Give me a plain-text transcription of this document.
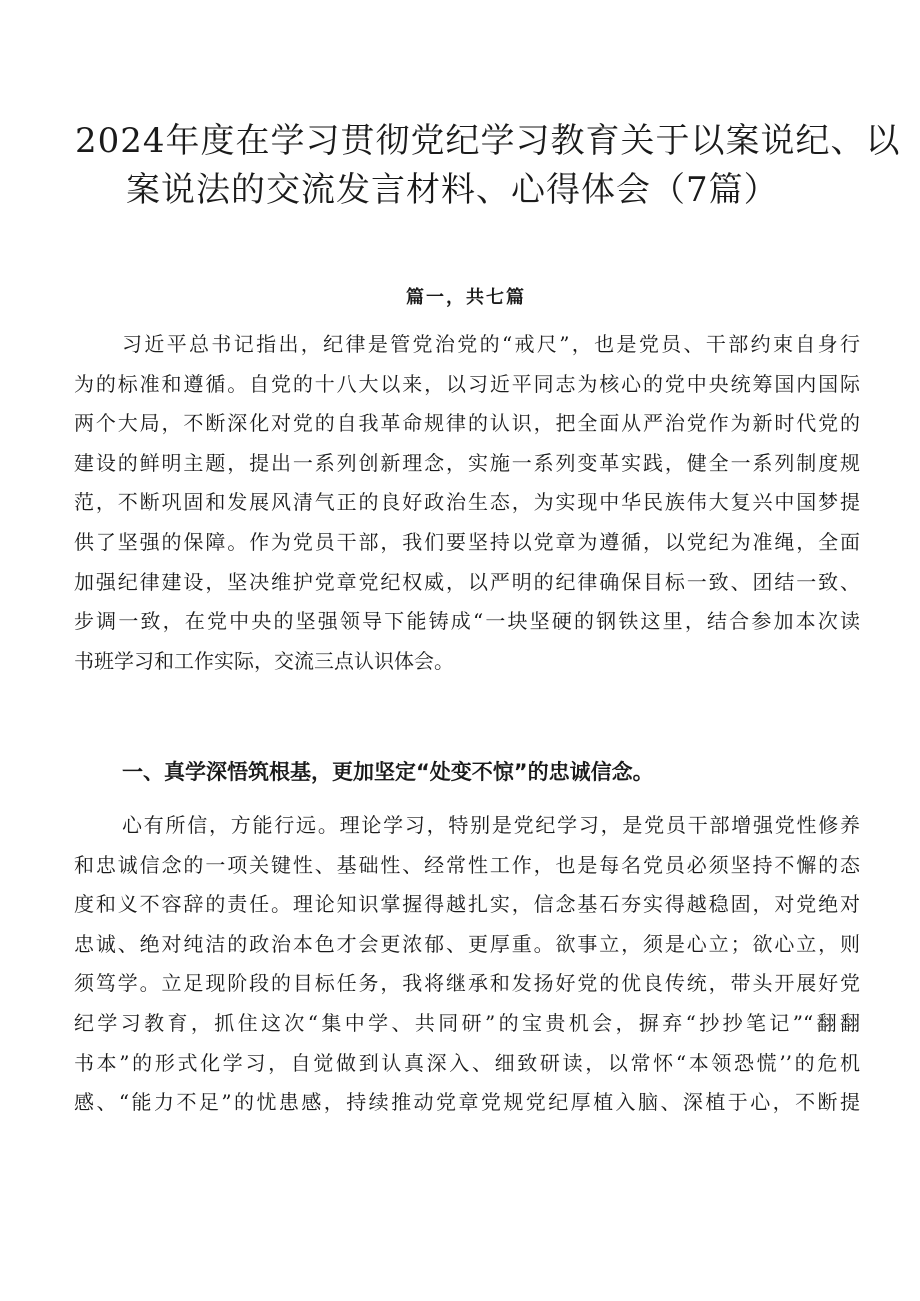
2024年度在学习贯彻党纪学习教育关于以案说纪、以
案说法的交流发言材料、心得体会（7篇）
篇一，共七篇
习近平总书记指出，纪律是管党治党的“戒尺”，也是党员、干部约束自身行
为的标准和遵循。自党的十八大以来，以习近平同志为核心的党中央统筹国内国际
两个大局，不断深化对党的自我革命规律的认识，把全面从严治党作为新时代党的
建设的鲜明主题，提出一系列创新理念，实施一系列变革实践，健全一系列制度规
范，不断巩固和发展风清气正的良好政治生态，为实现中华民族伟大复兴中国梦提
供了坚强的保障。作为党员干部，我们要坚持以党章为遵循，以党纪为准绳，全面
加强纪律建设，坚决维护党章党纪权威，以严明的纪律确保目标一致、团结一致、
步调一致，在党中央的坚强领导下能铸成“一块坚硬的钢铁这里，结合参加本次读
书班学习和工作实际，交流三点认识体会。

一、真学深悟筑根基，更加坚定“处变不惊”的忠诚信念。

心有所信，方能行远。理论学习，特别是党纪学习，是党员干部增强党性修养
和忠诚信念的一项关键性、基础性、经常性工作，也是每名党员必须坚持不懈的态
度和义不容辞的责任。理论知识掌握得越扎实，信念基石夯实得越稳固，对党绝对
忠诚、绝对纯洁的政治本色才会更浓郁、更厚重。欲事立，须是心立；欲心立，则
须笃学。立足现阶段的目标任务，我将继承和发扬好党的优良传统，带头开展好党
纪学习教育，抓住这次“集中学、共同研”的宝贵机会，摒弃“抄抄笔记”“翻翻
书本”的形式化学习，自觉做到认真深入、细致研读，以常怀“本领恐慌’’的危机
感、“能力不足”的忧患感，持续推动党章党规党纪厚植入脑、深植于心，不断提
